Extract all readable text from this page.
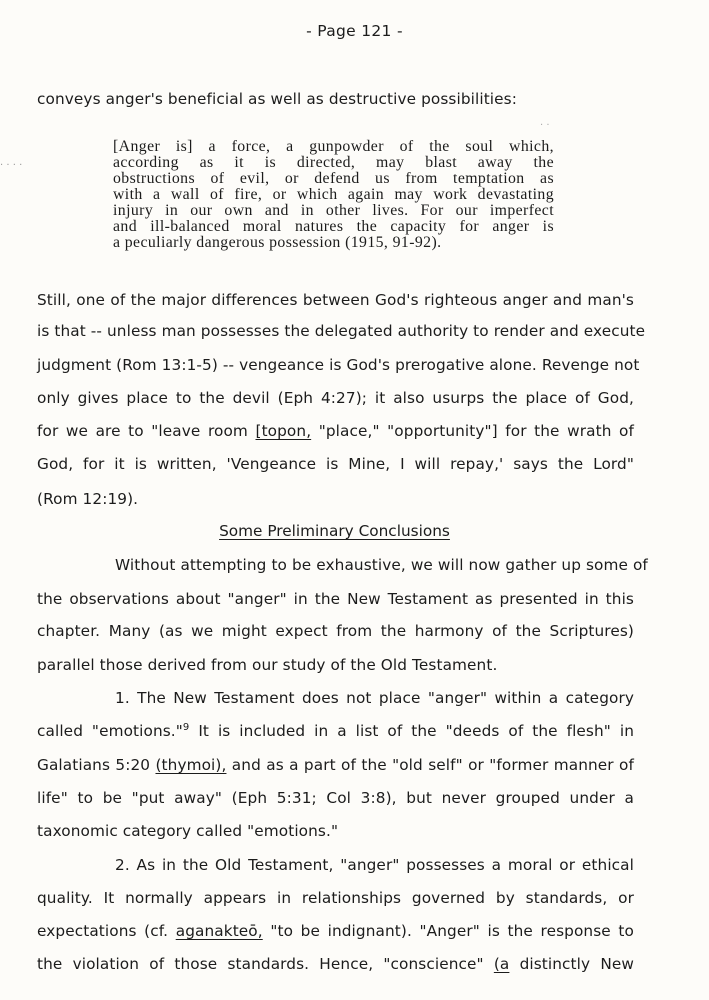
- Page 121 -
· · · ·
· ·
conveys anger's beneficial as well as destructive possibilities:
[Anger is] a force, a gunpowder of the soul which,
according as it is directed, may blast away the
obstructions of evil, or defend us from temptation as
with a wall of fire, or which again may work devastating
injury in our own and in other lives. For our imperfect
and ill-balanced moral natures the capacity for anger is
a peculiarly dangerous possession (1915, 91-92).
Still, one of the major differences between God's righteous anger and man's
is that -- unless man possesses the delegated authority to render and execute
judgment (Rom 13:1-5) -- vengeance is God's prerogative alone. Revenge not
only gives place to the devil (Eph 4:27); it also usurps the place of God,
for we are to "leave room [topon, "place," "opportunity"] for the wrath of
God, for it is written, 'Vengeance is Mine, I will repay,' says the Lord"
(Rom 12:19).
Some Preliminary Conclusions
Without attempting to be exhaustive, we will now gather up some of
the observations about "anger" in the New Testament as presented in this
chapter. Many (as we might expect from the harmony of the Scriptures)
parallel those derived from our study of the Old Testament.
1. The New Testament does not place "anger" within a category
called "emotions."$^9$ It is included in a list of the "deeds of the flesh" in
Galatians 5:20 (thymoi), and as a part of the "old self" or "former manner of
life" to be "put away" (Eph 5:31; Col 3:8), but never grouped under a
taxonomic category called "emotions."
2. As in the Old Testament, "anger" possesses a moral or ethical
quality. It normally appears in relationships governed by standards, or
expectations (cf. aganakteō, "to be indignant). "Anger" is the response to
the violation of those standards. Hence, "conscience" (a distinctly New
